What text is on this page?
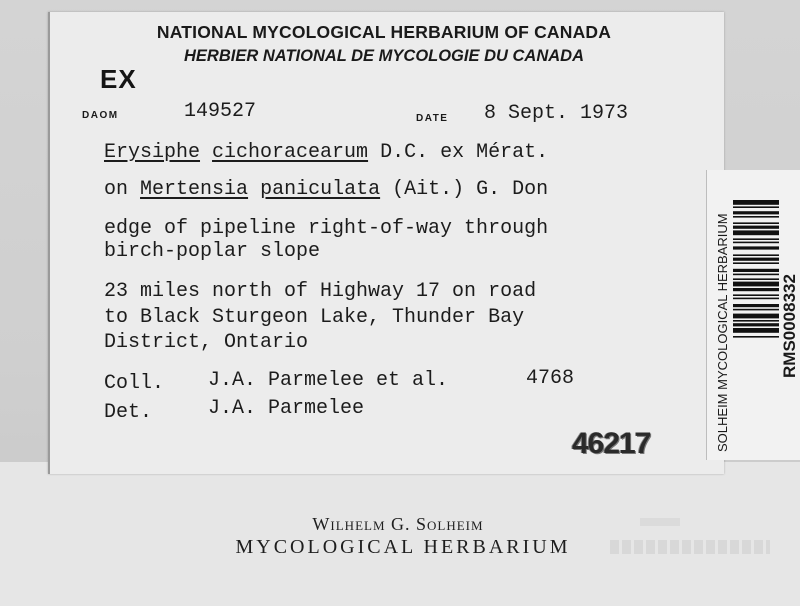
NATIONAL MYCOLOGICAL HERBARIUM OF CANADA
HERBIER NATIONAL DE MYCOLOGIE DU CANADA
EX
DAOM	149527	DATE 8 Sept. 1973
Erysiphe cichoracearum D.C. ex Mérat.
on Mertensia paniculata (Ait.) G. Don
edge of pipeline right-of-way through
birch-poplar slope
23 miles north of Highway 17 on road
to Black Sturgeon Lake, Thunder Bay
District, Ontario
Coll. J.A. Parmelee et al.	4768
Det.	J.A. Parmelee
46217	SOLHEIM MYCOLOGICAL HERBARIUM	RMS0008332
Wilhelm G. Solheim
MYCOLOGICAL HERBARIUM
